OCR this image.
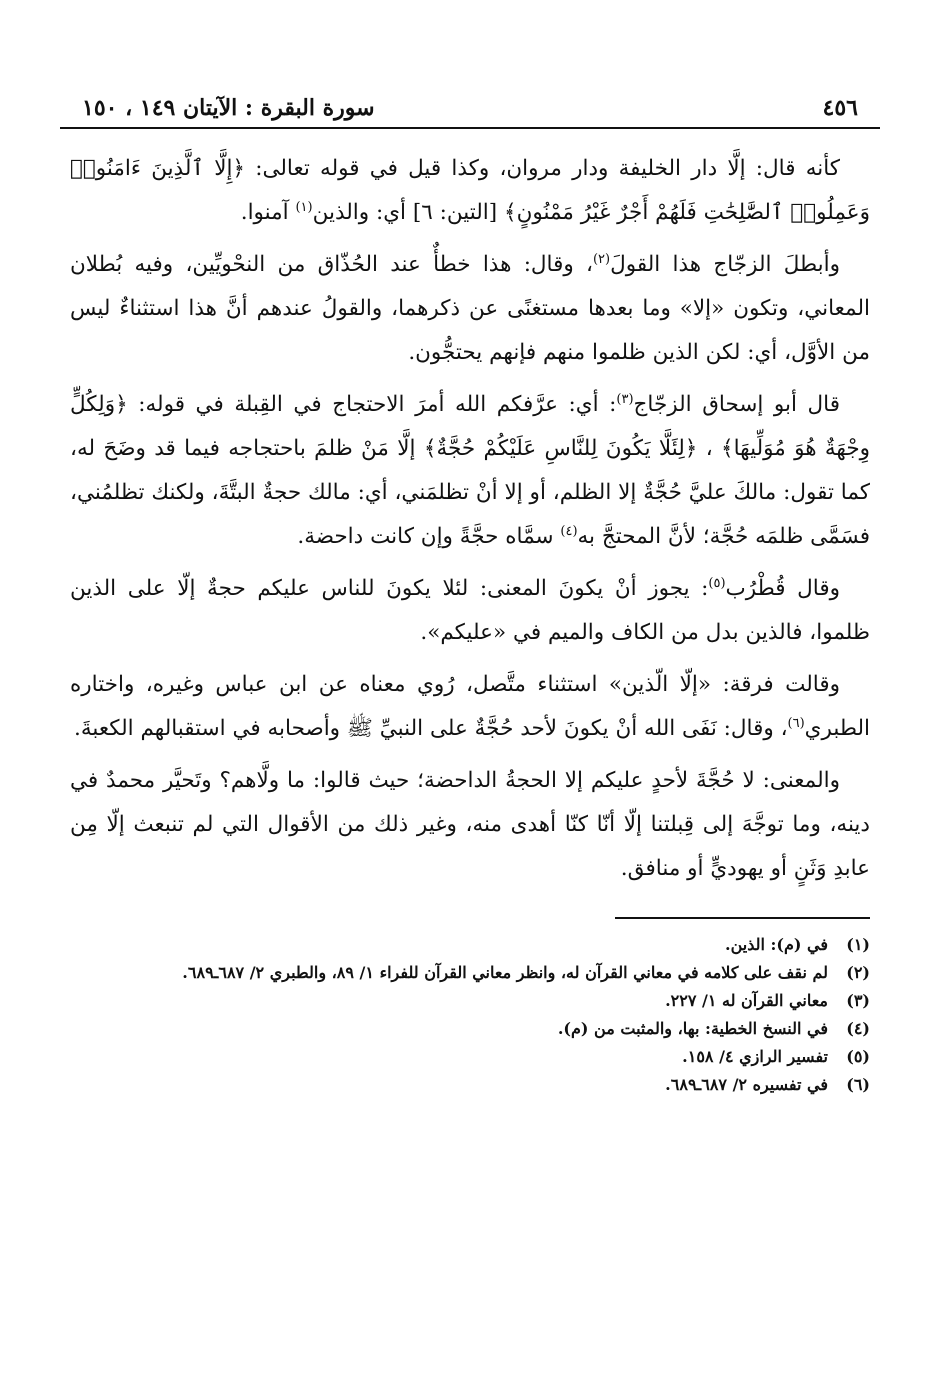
٤٥٦
سورة البقرة : الآيتان ١٤٩ ، ١٥٠

كأنه قال: إلَّا دار الخليفة ودار مروان، وكذا قيل في قوله تعالى: ﴿إِلَّا ٱلَّذِينَ ءَامَنُوا۟ وَعَمِلُوا۟ ٱلصَّٰلِحَٰتِ فَلَهُمْ أَجْرٌ غَيْرُ مَمْنُونٍ﴾ [التين: ٦] أي: والذين$^{(١)}$ آمنوا.

وأبطلَ الزجّاج هذا القولَ$^{(٢)}$، وقال: هذا خطأٌ عند الحُذّاق من النحْويِّين، وفيه بُطلان المعاني، وتكون «إلا» وما بعدها مستغنًى عن ذكرهما، والقولُ عندهم أنَّ هذا استثناءٌ ليس من الأوَّل، أي: لكن الذين ظلموا منهم فإنهم يحتجُّون.

قال أبو إسحاق الزجّاج$^{(٣)}$: أي: عرَّفكم الله أمرَ الاحتجاج في القِبلة في قوله: ﴿وَلِكُلٍّ وِجْهَةٌ هُوَ مُوَلِّيهَا﴾ ، ﴿لِئَلَّا يَكُونَ لِلنَّاسِ عَلَيْكُمْ حُجَّةٌ﴾ إلَّا مَنْ ظلمَ باحتجاجه فيما قد وضَحَ له، كما تقول: مالكَ عليَّ حُجَّةٌ إلا الظلم، أو إلا أنْ تظلمَني، أي: مالك حجةٌ البتَّةَ، ولكنك تظلمُني، فسَمَّى ظلمَه حُجَّة؛ لأنَّ المحتجَّ به$^{(٤)}$ سمَّاه حجَّةً وإن كانت داحضة.

وقال قُطْرُب$^{(٥)}$: يجوز أنْ يكونَ المعنى: لئلا يكونَ للناس عليكم حجةٌ إلّا على الذين ظلموا، فالذين بدل من الكاف والميم في «عليكم».

وقالت فرقة: «إلّا الّذين» استثناء متَّصل، رُوي معناه عن ابن عباس وغيره، واختاره الطبري$^{(٦)}$، وقال: نَفَى الله أنْ يكونَ لأحد حُجَّةٌ على النبيِّ ﷺ وأصحابه في استقبالهم الكعبةَ.

والمعنى: لا حُجَّةَ لأحدٍ عليكم إلا الحجةُ الداحضة؛ حيث قالوا: ما ولَّاهم؟ وتَحيَّر محمدٌ في دينه، وما توجَّهَ إلى قِبلتنا إلّا أنّا كنّا أهدى منه، وغير ذلك من الأقوال التي لم تنبعث إلّا مِن عابدِ وَثَنٍ أو يهوديٍّ أو منافق.

(١)
في (م): الذين.
(٢)
لم نقف على كلامه في معاني القرآن له، وانظر معاني القرآن للفراء ١/ ٨٩، والطبري ٢/ ٦٨٧ـ٦٨٩.
(٣)
معاني القرآن له ١/ ٢٢٧.
(٤)
في النسخ الخطية: بها، والمثبت من (م).
(٥)
تفسير الرازي ٤/ ١٥٨.
(٦)
في تفسيره ٢/ ٦٨٧ـ٦٨٩.
